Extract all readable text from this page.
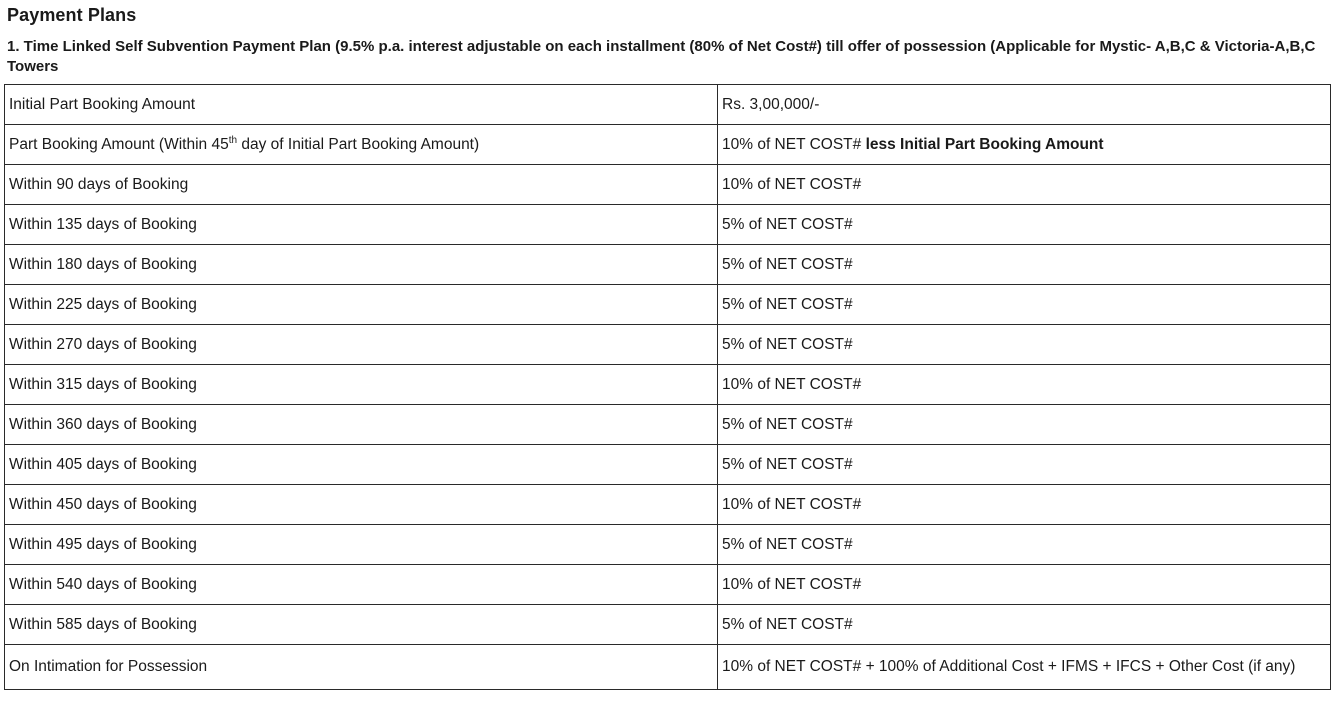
Payment Plans
1. Time Linked Self Subvention Payment Plan (9.5% p.a. interest adjustable on each installment (80% of Net Cost#) till offer of possession (Applicable for Mystic- A,B,C & Victoria-A,B,C Towers
Initial Part Booking Amount	Rs. 3,00,000/-
Part Booking Amount (Within 45th day of Initial Part Booking Amount)	10% of NET COST# less Initial Part Booking Amount
Within 90 days of Booking	10% of NET COST#
Within 135 days of Booking	5% of NET COST#
Within 180 days of Booking	5% of NET COST#
Within 225 days of Booking	5% of NET COST#
Within 270 days of Booking	5% of NET COST#
Within 315 days of Booking	10% of NET COST#
Within 360 days of Booking	5% of NET COST#
Within 405 days of Booking	5% of NET COST#
Within 450 days of Booking	10% of NET COST#
Within 495 days of Booking	5% of NET COST#
Within 540 days of Booking	10% of NET COST#
Within 585 days of Booking	5% of NET COST#
On Intimation for Possession	10% of NET COST# + 100% of Additional Cost + IFMS + IFCS + Other Cost (if any)
